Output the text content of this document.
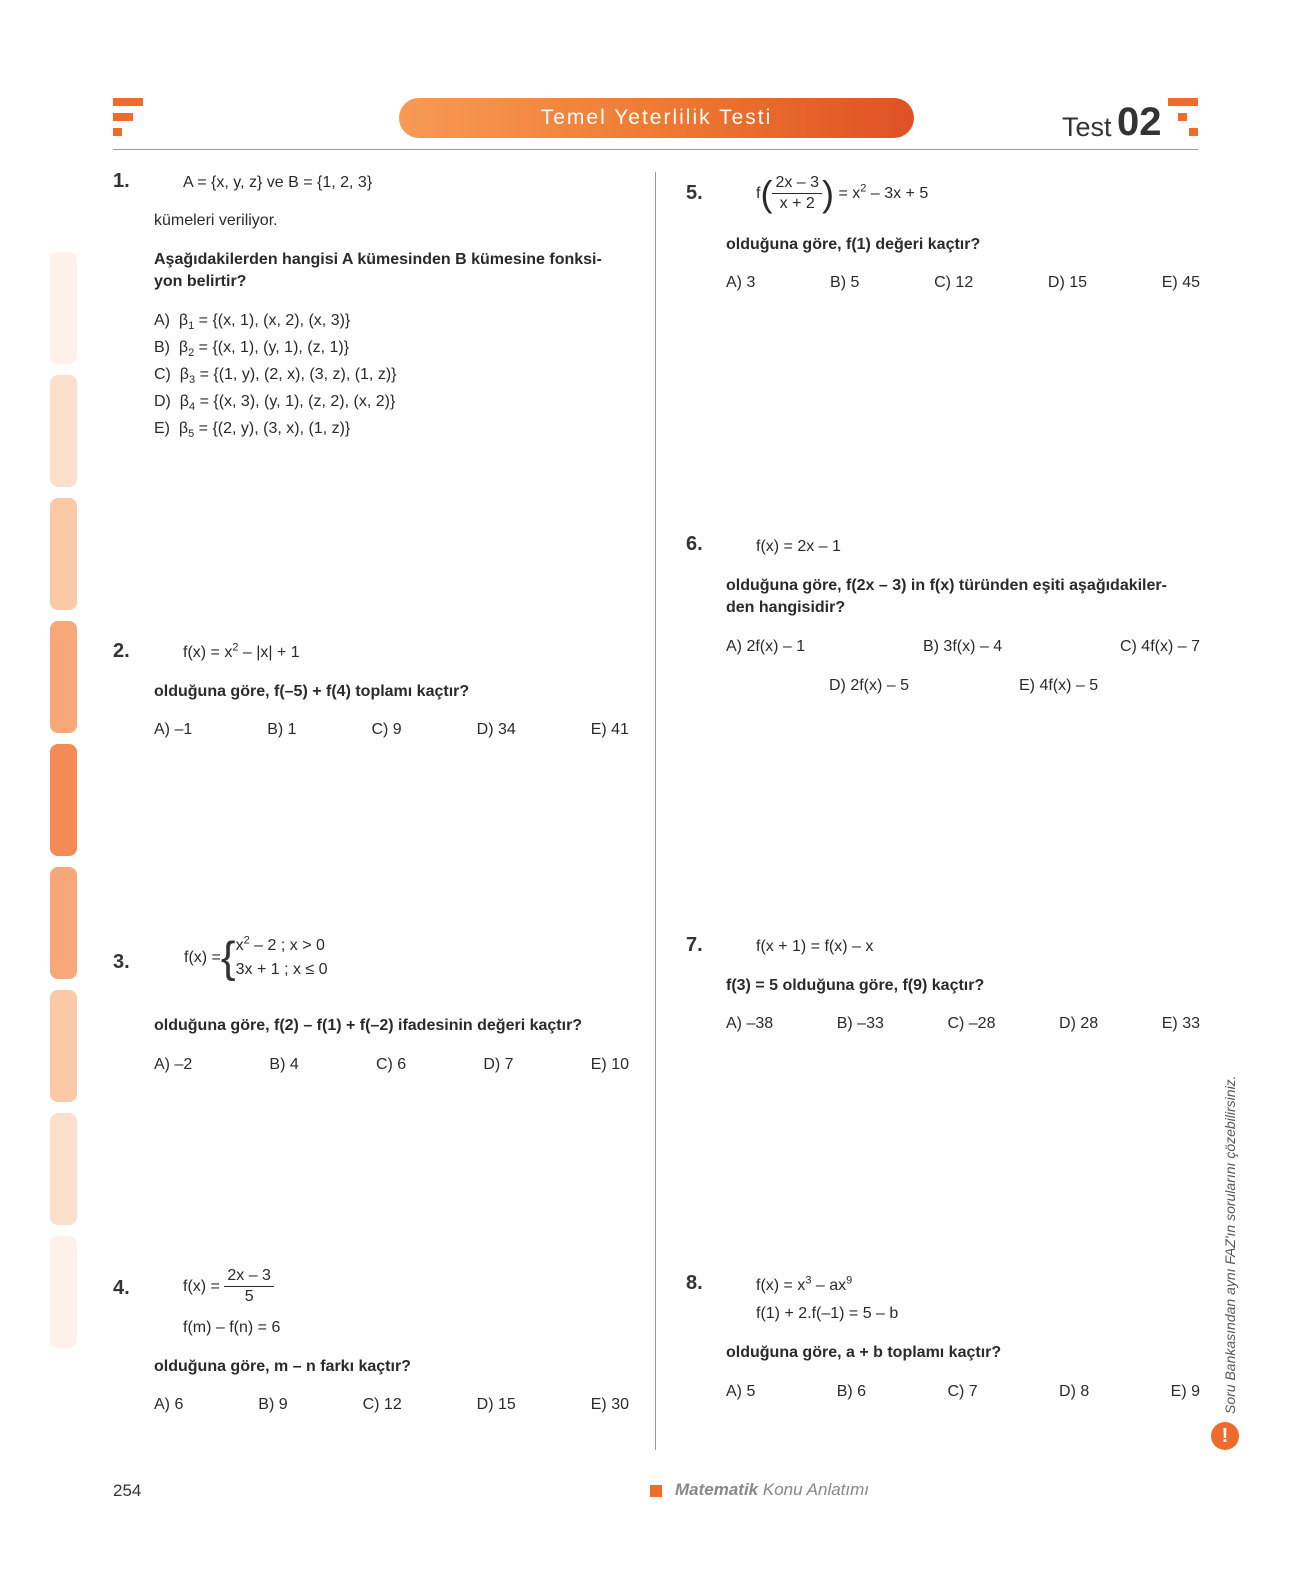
Temel Yeterlilik Testi	Test 02
1.	A = {x, y, z} ve B = {1, 2, 3}
kümeleri veriliyor.
Aşağıdakilerden hangisi A kümesinden B kümesine fonksi-
yon belirtir?
A) $\beta_1 = \{(x$, 1), (x, 2), (x, 3)}
B) $\beta_2 = \{(x$, 1), (y, 1), (z, 1)}
C) $\beta_3 = \{(1$, y), (2, x), (3, z), (1, z)}
D) $\beta_4 = \{(x$, 3), (y, 1), (z, 2), (x, 2)}
E) $\beta_5 = \{(2$, y), (3, x), (1, z)}
2.	$f(x) = x^2 - |x| + 1$
olduğuna göre, f(–5) + f(4) toplamı kaçtır?
A) –1	B) 1	C) 9	D) 34	E) 41
3.	f(x) = { $x^2 - 2$ ; x > 0
3x + 1 ; x ≤ 0
olduğuna göre, f(2) – f(1) + f(–2) ifadesinin değeri kaçtır?
A) –2	B) 4	C) 6	D) 7	E) 10
4.	f(x) =
$\frac{2x - 3}{5}$
f(m) – f(n) = 6
olduğuna göre, m – n farkı kaçtır?
A) 6	B) 9	C) 12	D) 15	E) 30
5.	f ( $\frac{2x - 3}{x + 2}$ ) = $x^2 - 3x + 5$
olduğuna göre, f(1) değeri kaçtır?
A) 3	B) 5	C) 12	D) 15	E) 45
6.	f(x) = 2x – 1
olduğuna göre, f(2x – 3) in f(x) türünden eşiti aşağıdakiler-
den hangisidir?
A) 2f(x) – 1	B) 3f(x) – 4	C) 4f(x) – 7
D) 2f(x) – 5	E) 4f(x) – 5
7.	f(x + 1) = f(x) – x
f(3) = 5 olduğuna göre, f(9) kaçtır?
A) –38	B) –33	C) –28	D) 28	E) 33
8.	$f(x) = x^3 - ax^9$
f(1) + 2.f(–1) = 5 – b
olduğuna göre, a + b toplamı kaçtır?
A) 5	B) 6	C) 7	D) 8	E) 9 Soru Bankasından aynı FAZ'ın sorularını çözebilirsiniz.
!
254	Matematik Konu Anlatımı
